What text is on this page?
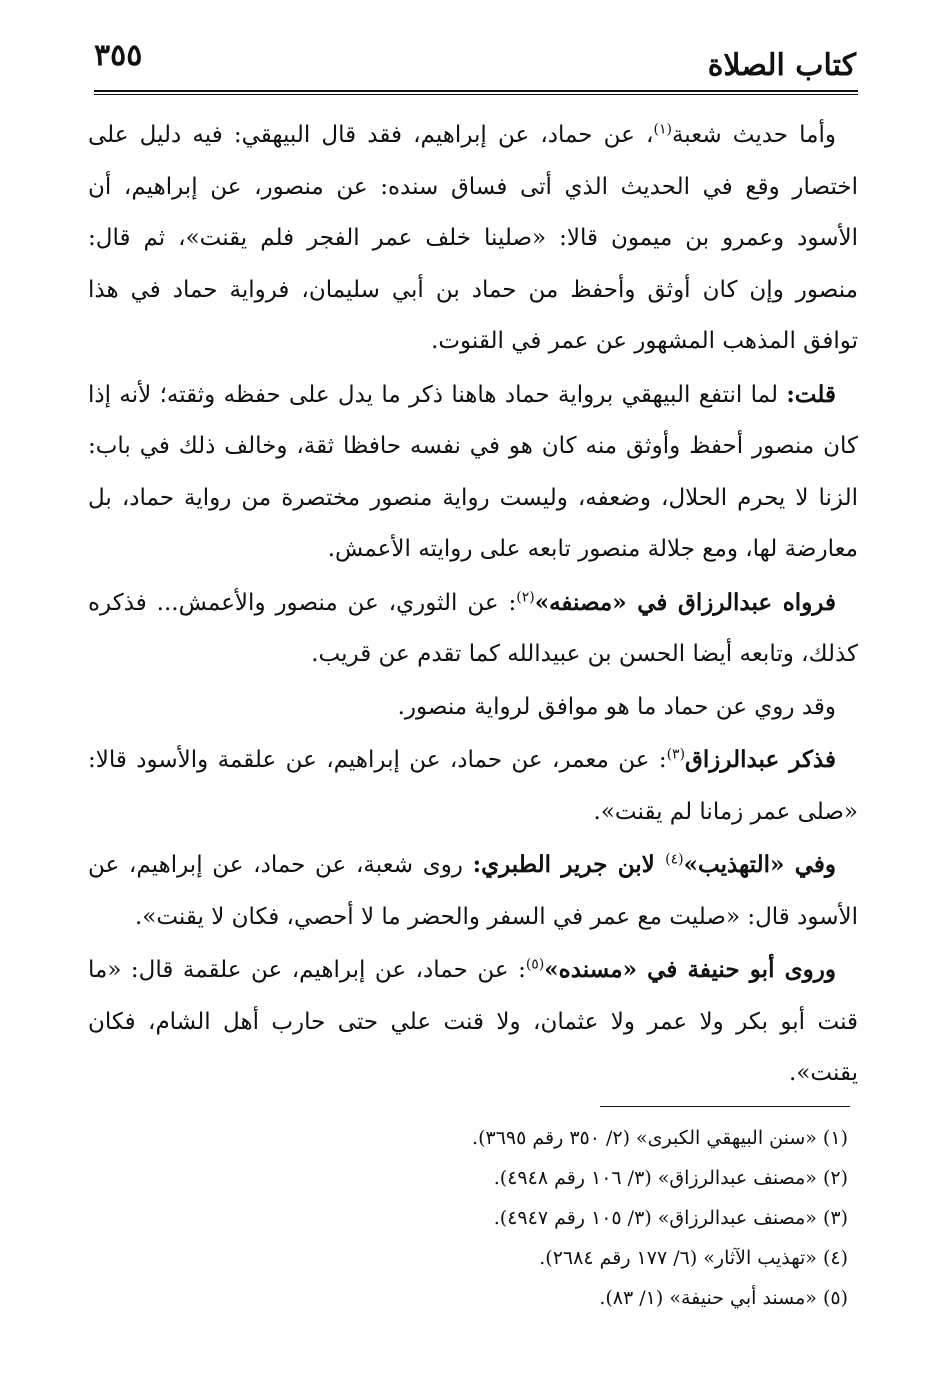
٣٥٥	كتاب الصلاة

وأما حديث شعبة$^{(١)}$، عن حماد، عن إبراهيم، فقد قال البيهقي: فيه دليل على اختصار وقع في الحديث الذي أتى فساق سنده: عن منصور، عن إبراهيم، أن الأسود وعمرو بن ميمون قالا: «صلينا خلف عمر الفجر فلم يقنت»، ثم قال: منصور وإن كان أوثق وأحفظ من حماد بن أبي سليمان، فرواية حماد في هذا توافق المذهب المشهور عن عمر في القنوت.

قلت: لما انتفع البيهقي برواية حماد هاهنا ذكر ما يدل على حفظه وثقته؛ لأنه إذا كان منصور أحفظ وأوثق منه كان هو في نفسه حافظا ثقة، وخالف ذلك في باب: الزنا لا يحرم الحلال، وضعفه، وليست رواية منصور مختصرة من رواية حماد، بل معارضة لها، ومع جلالة منصور تابعه على روايته الأعمش.

فرواه عبدالرزاق في «مصنفه»$^{(٢)}$: عن الثوري، عن منصور والأعمش... فذكره كذلك، وتابعه أيضا الحسن بن عبيدالله كما تقدم عن قريب.

وقد روي عن حماد ما هو موافق لرواية منصور.

فذكر عبدالرزاق$^{(٣)}$: عن معمر، عن حماد، عن إبراهيم، عن علقمة والأسود قالا: «صلى عمر زمانا لم يقنت».

وفي «التهذيب»$^{(٤)}$ لابن جرير الطبري: روى شعبة، عن حماد، عن إبراهيم، عن الأسود قال: «صليت مع عمر في السفر والحضر ما لا أحصي، فكان لا يقنت».

وروى أبو حنيفة في «مسنده»$^{(٥)}$: عن حماد، عن إبراهيم، عن علقمة قال: «ما قنت أبو بكر ولا عمر ولا عثمان، ولا قنت علي حتى حارب أهل الشام، فكان يقنت».

(١) «سنن البيهقي الكبرى» (٢/ ٣٥٠ رقم ٣٦٩٥).

(٢) «مصنف عبدالرزاق» (٣/ ١٠٦ رقم ٤٩٤٨).

(٣) «مصنف عبدالرزاق» (٣/ ١٠٥ رقم ٤٩٤٧).

(٤) «تهذيب الآثار» (٦/ ١٧٧ رقم ٢٦٨٤).

(٥) «مسند أبي حنيفة» (١/ ٨٣).
